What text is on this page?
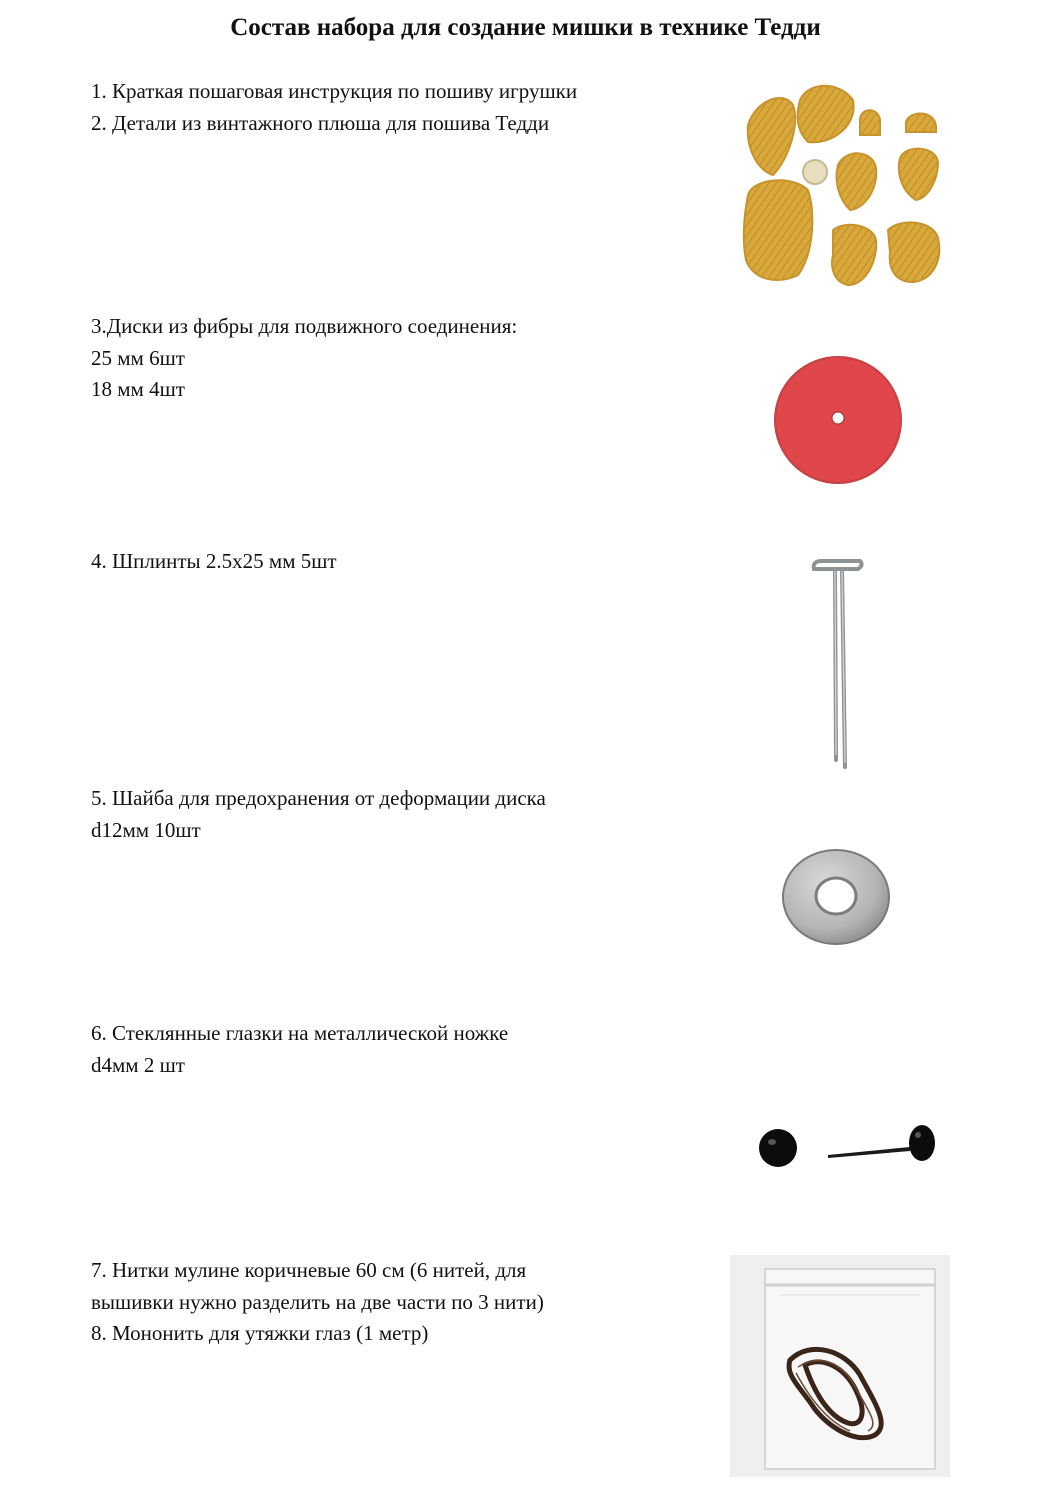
Состав набора для создание мишки в технике Тедди
1. Краткая пошаговая инструкция по пошиву игрушки
2. Детали из винтажного плюша для пошива Тедди
3.Диски из фибры для подвижного соединения:
25 мм 6шт
18 мм 4шт
4. Шплинты 2.5х25 мм 5шт
5. Шайба для предохранения от деформации диска
d12мм 10шт
6. Стеклянные глазки на металлической ножке
d4мм 2 шт
7. Нитки мулине коричневые 60 см (6 нитей, для
вышивки нужно разделить на две части по 3 нити)
8. Мононить для утяжки глаз (1 метр)
